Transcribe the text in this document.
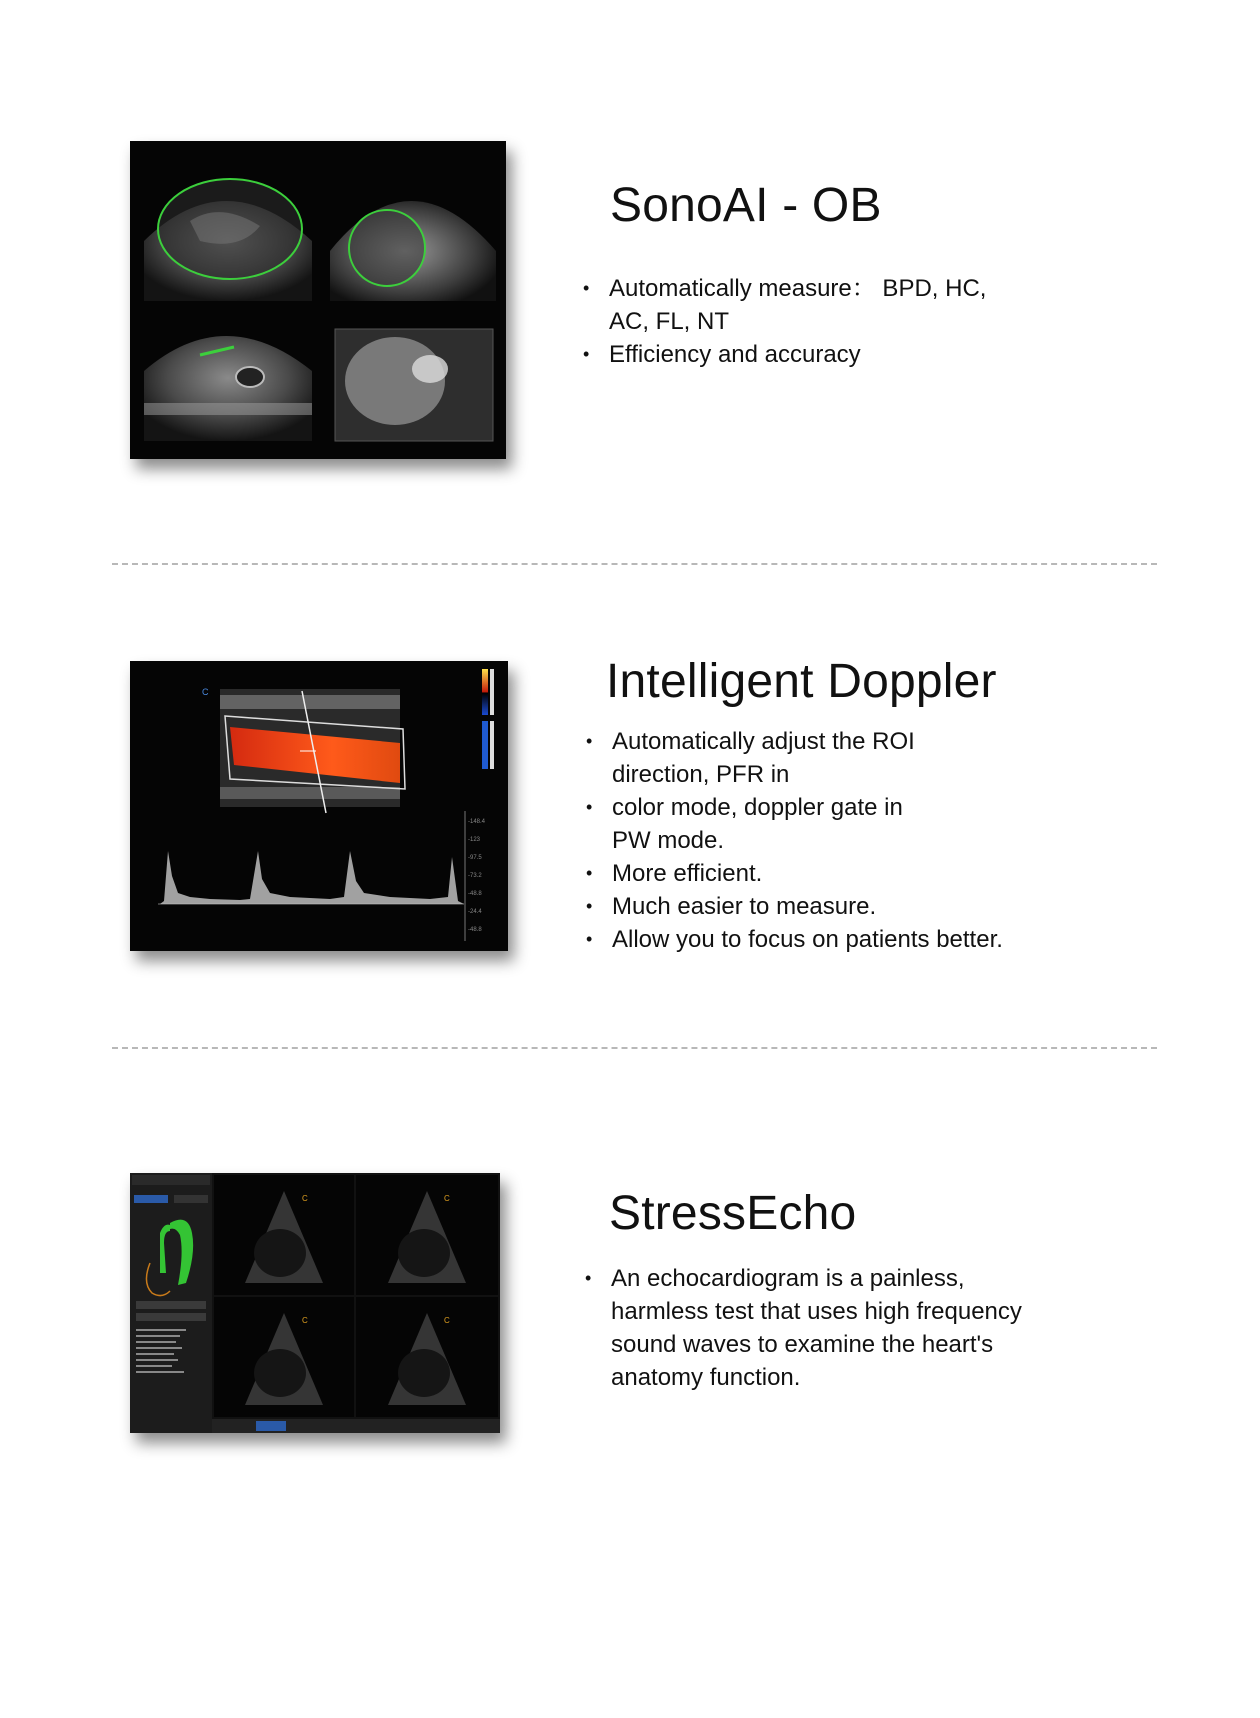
SonoAI - OB
• Automatically measure： BPD, HC,
AC, FL, NT
• Efficiency and accuracy
C
-148.4
-123
-97.5
-73.2
-48.8
-24.4
-48.8
Intelligent Doppler
• Automatically adjust the ROI
direction, PFR in
• color mode, doppler gate in
PW mode.
• More efficient.
• Much easier to measure.
• Allow you to focus on patients better.
C	C
C	C
StressEcho
• An echocardiogram is a painless,
harmless test that uses high frequency
sound waves to examine the heart's
anatomy function.
